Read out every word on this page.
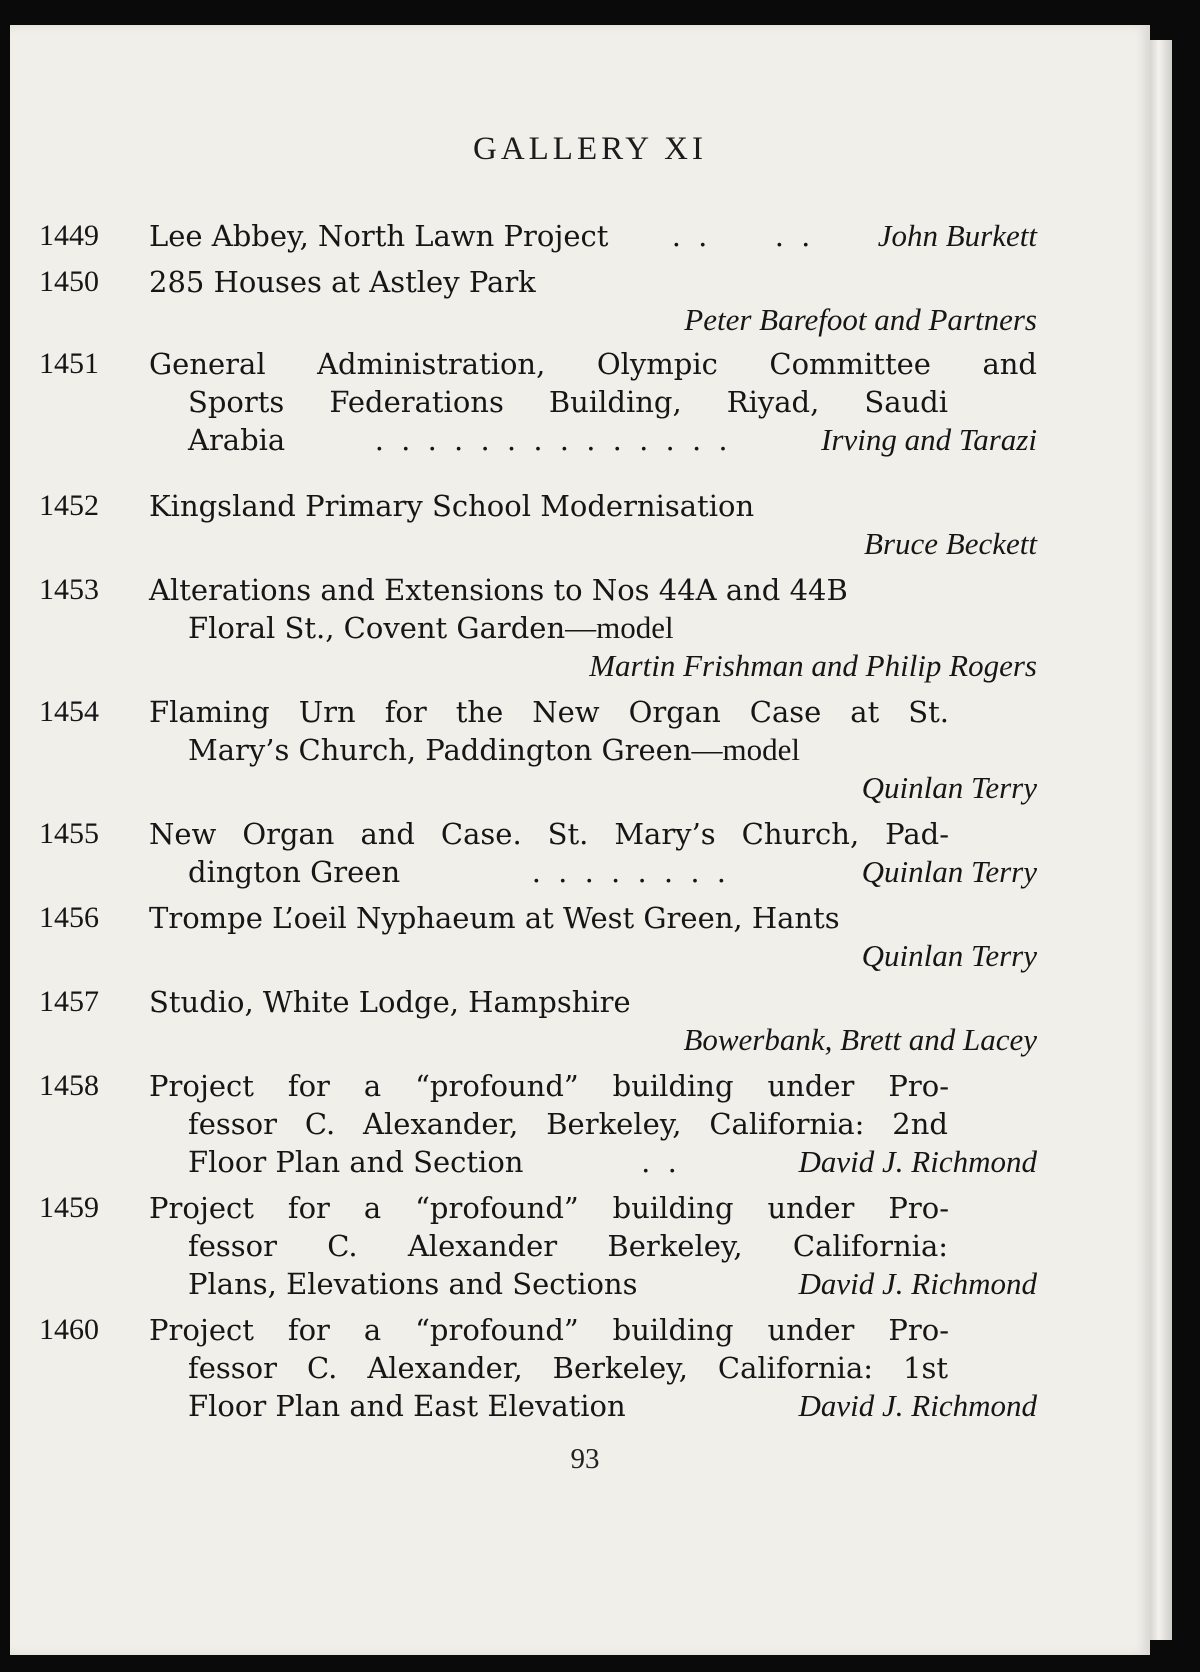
GALLERY XI
1449 Lee Abbey, North Lawn Project . . . . John Burkett
1450 285 Houses at Astley Park
Peter Barefoot and Partners
1451 General Administration, Olympic Committee and
Sports Federations Building, Riyad, Saudi
Arabia	. . . . . . . . . . . . . .	Irving and Tarazi
1452 Kingsland Primary School Modernisation
Bruce Beckett
1453 Alterations and Extensions to Nos 44A and 44B
Floral St., Covent Garden—model
Martin Frishman and Philip Rogers
1454 Flaming Urn for the New Organ Case at St.
Mary’s Church, Paddington Green—model
Quinlan Terry
1455 New Organ and Case. St. Mary’s Church, Pad-
dington Green	. . . . . . . .	Quinlan Terry
1456 Trompe L’oeil Nyphaeum at West Green, Hants
Quinlan Terry
1457 Studio, White Lodge, Hampshire
Bowerbank, Brett and Lacey
1458 Project for a “profound” building under Pro-
fessor C. Alexander, Berkeley, California: 2nd
Floor Plan and Section	. .	David J. Richmond
1459 Project for a “profound” building under Pro-
fessor C. Alexander Berkeley, California:
Plans, Elevations and Sections	David J. Richmond
1460 Project for a “profound” building under Pro-
fessor C. Alexander, Berkeley, California: 1st
Floor Plan and East Elevation	David J. Richmond
93
